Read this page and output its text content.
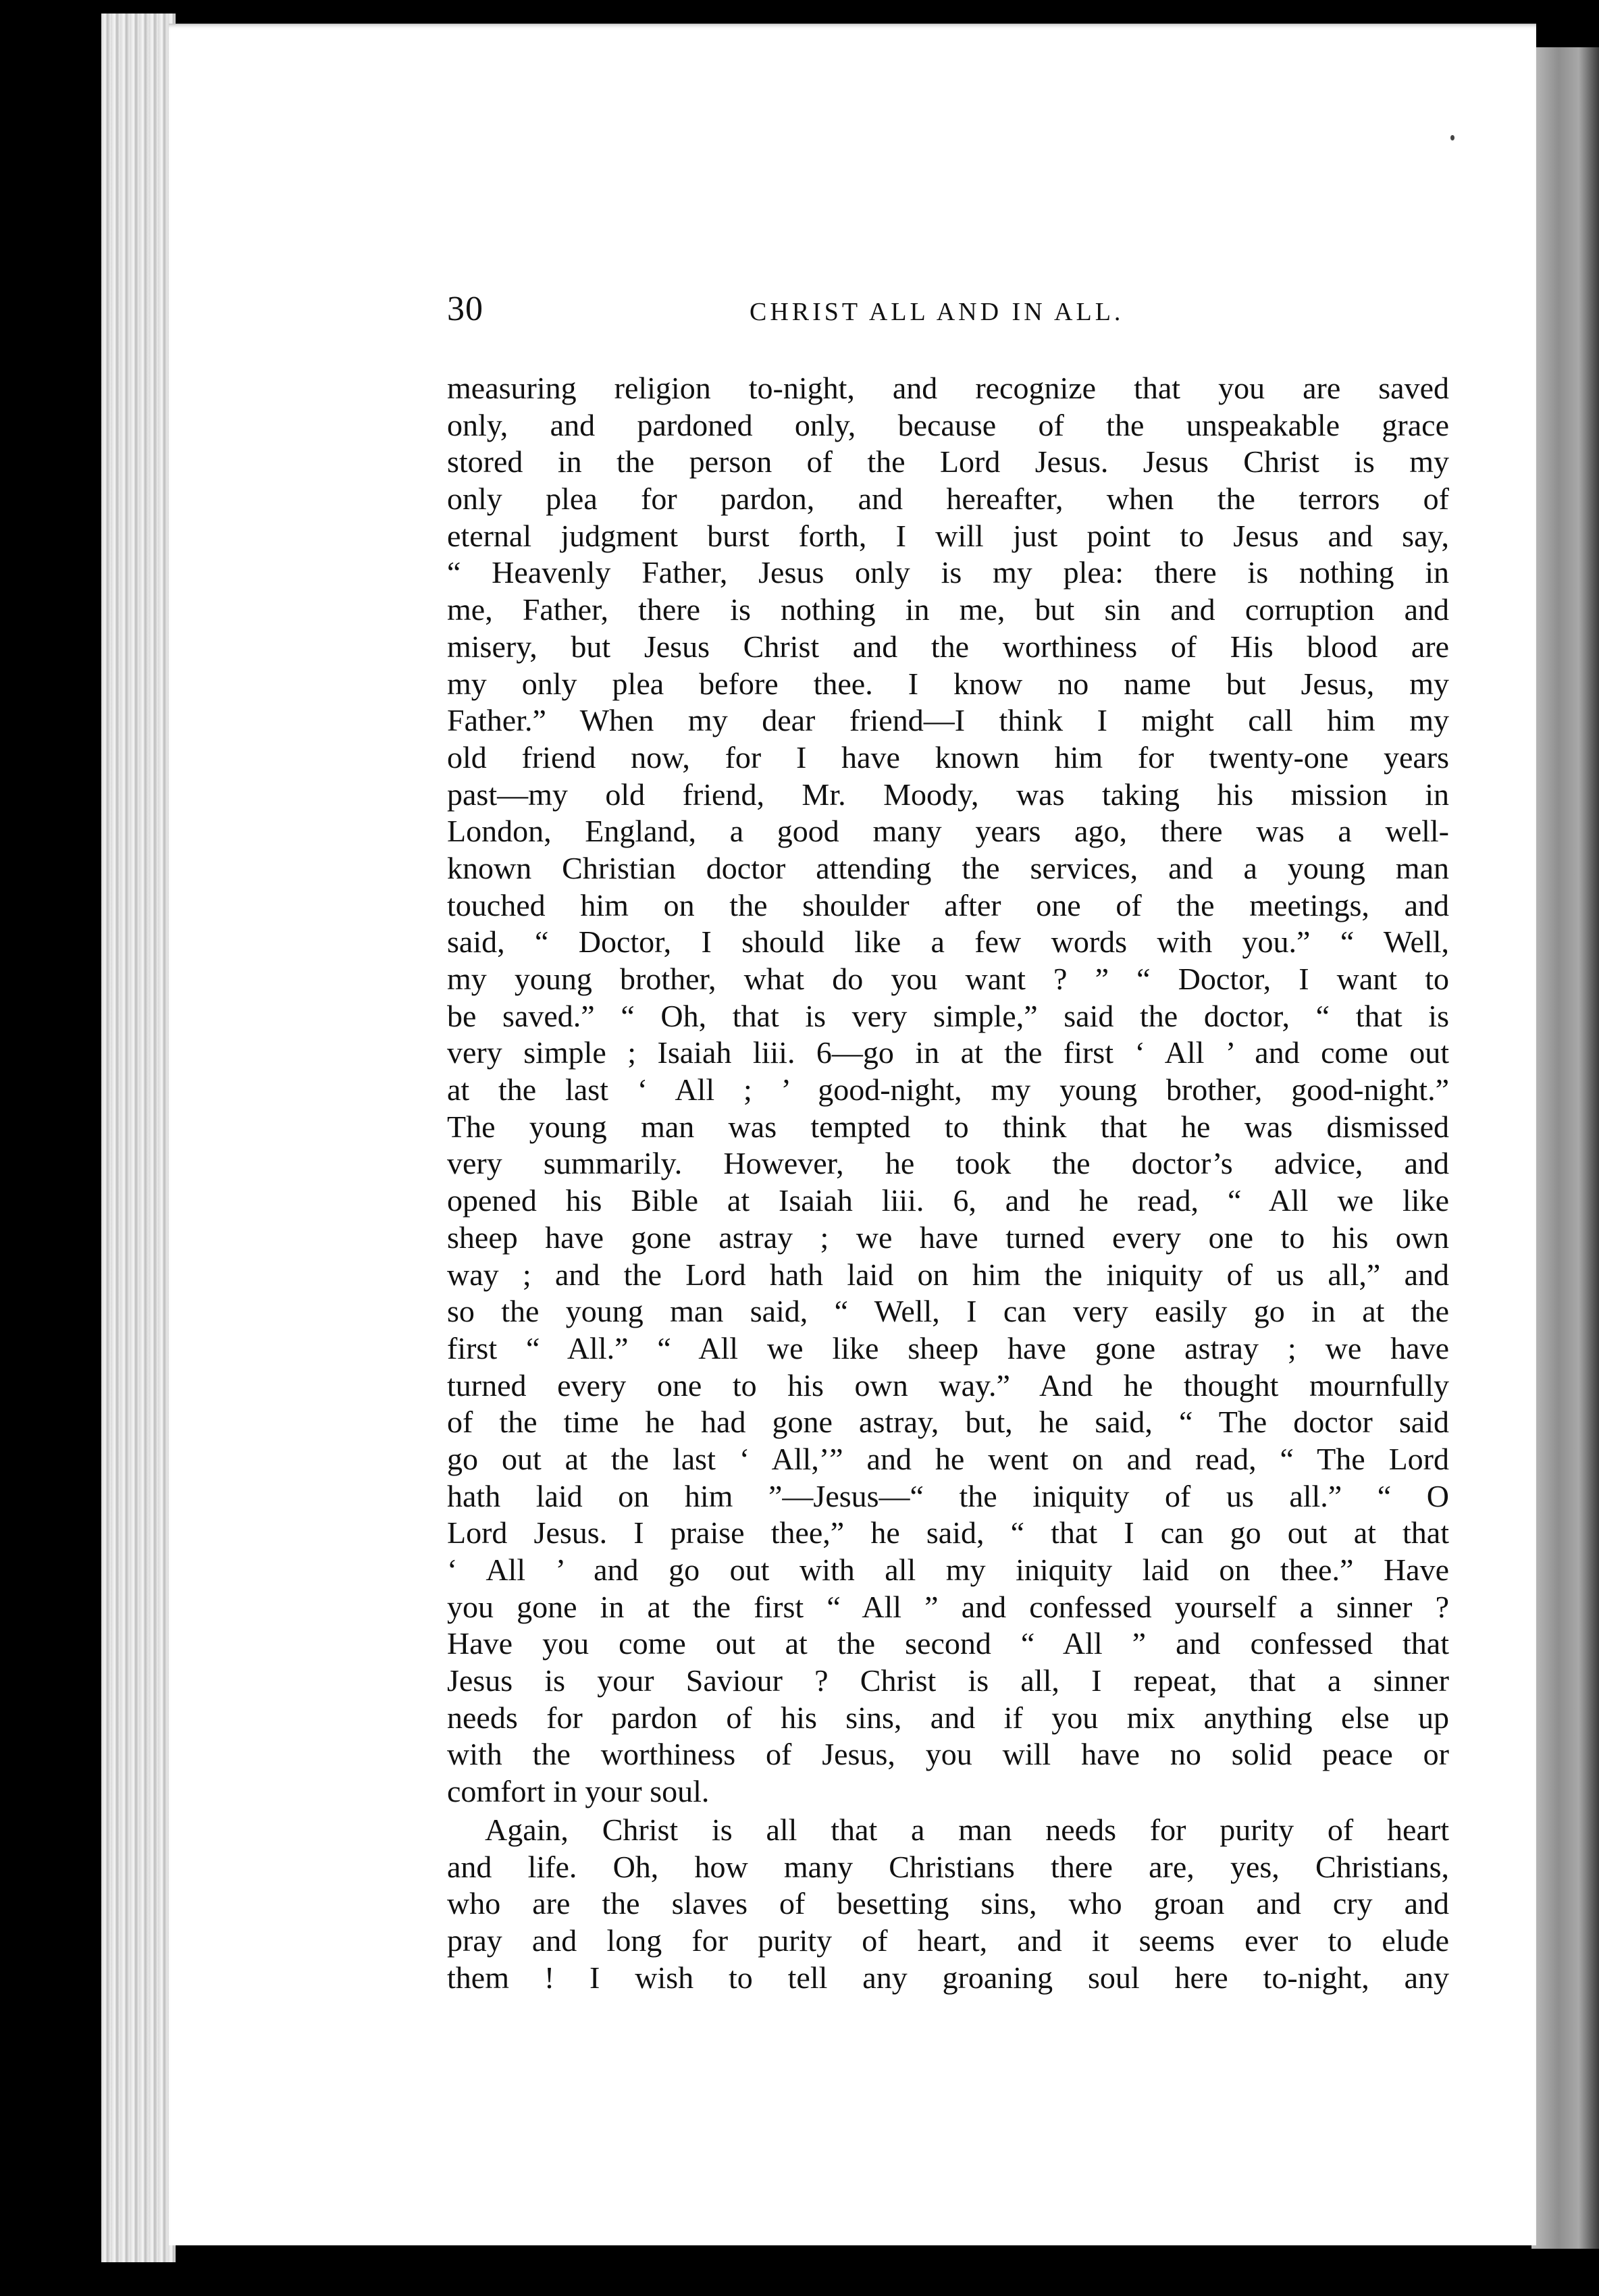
30	CHRIST ALL AND IN ALL.
measuring religion to-night, and recognize that you are saved
only, and pardoned only, because of the unspeakable grace
stored in the person of the Lord Jesus. Jesus Christ is my
only plea for pardon, and hereafter, when the terrors of
eternal judgment burst forth, I will just point to Jesus and say,
“ Heavenly Father, Jesus only is my plea: there is nothing in
me, Father, there is nothing in me, but sin and corruption and
misery, but Jesus Christ and the worthiness of His blood are
my only plea before thee. I know no name but Jesus, my
Father.” When my dear friend—I think I might call him my
old friend now, for I have known him for twenty-one years
past—my old friend, Mr. Moody, was taking his mission in
London, England, a good many years ago, there was a well-
known Christian doctor attending the services, and a young man
touched him on the shoulder after one of the meetings, and
said, “ Doctor, I should like a few words with you.” “ Well,
my young brother, what do you want ? ” “ Doctor, I want to
be saved.” “ Oh, that is very simple,” said the doctor, “ that is
very simple ; Isaiah liii. 6—go in at the first ‘ All ’ and come out
at the last ‘ All ; ’ good-night, my young brother, good-night.”
The young man was tempted to think that he was dismissed
very summarily. However, he took the doctor’s advice, and
opened his Bible at Isaiah liii. 6, and he read, “ All we like
sheep have gone astray ; we have turned every one to his own
way ; and the Lord hath laid on him the iniquity of us all,” and
so the young man said, “ Well, I can very easily go in at the
first “ All.” “ All we like sheep have gone astray ; we have
turned every one to his own way.” And he thought mournfully
of the time he had gone astray, but, he said, “ The doctor said
go out at the last ‘ All,’” and he went on and read, “ The Lord
hath laid on him ”—Jesus—“ the iniquity of us all.” “ O
Lord Jesus. I praise thee,” he said, “ that I can go out at that
‘ All ’ and go out with all my iniquity laid on thee.” Have
you gone in at the first “ All ” and confessed yourself a sinner ?
Have you come out at the second “ All ” and confessed that
Jesus is your Saviour ? Christ is all, I repeat, that a sinner
needs for pardon of his sins, and if you mix anything else up
with the worthiness of Jesus, you will have no solid peace or
comfort in your soul.
Again, Christ is all that a man needs for purity of heart
and life. Oh, how many Christians there are, yes, Christians,
who are the slaves of besetting sins, who groan and cry and
pray and long for purity of heart, and it seems ever to elude
them ! I wish to tell any groaning soul here to-night, any
